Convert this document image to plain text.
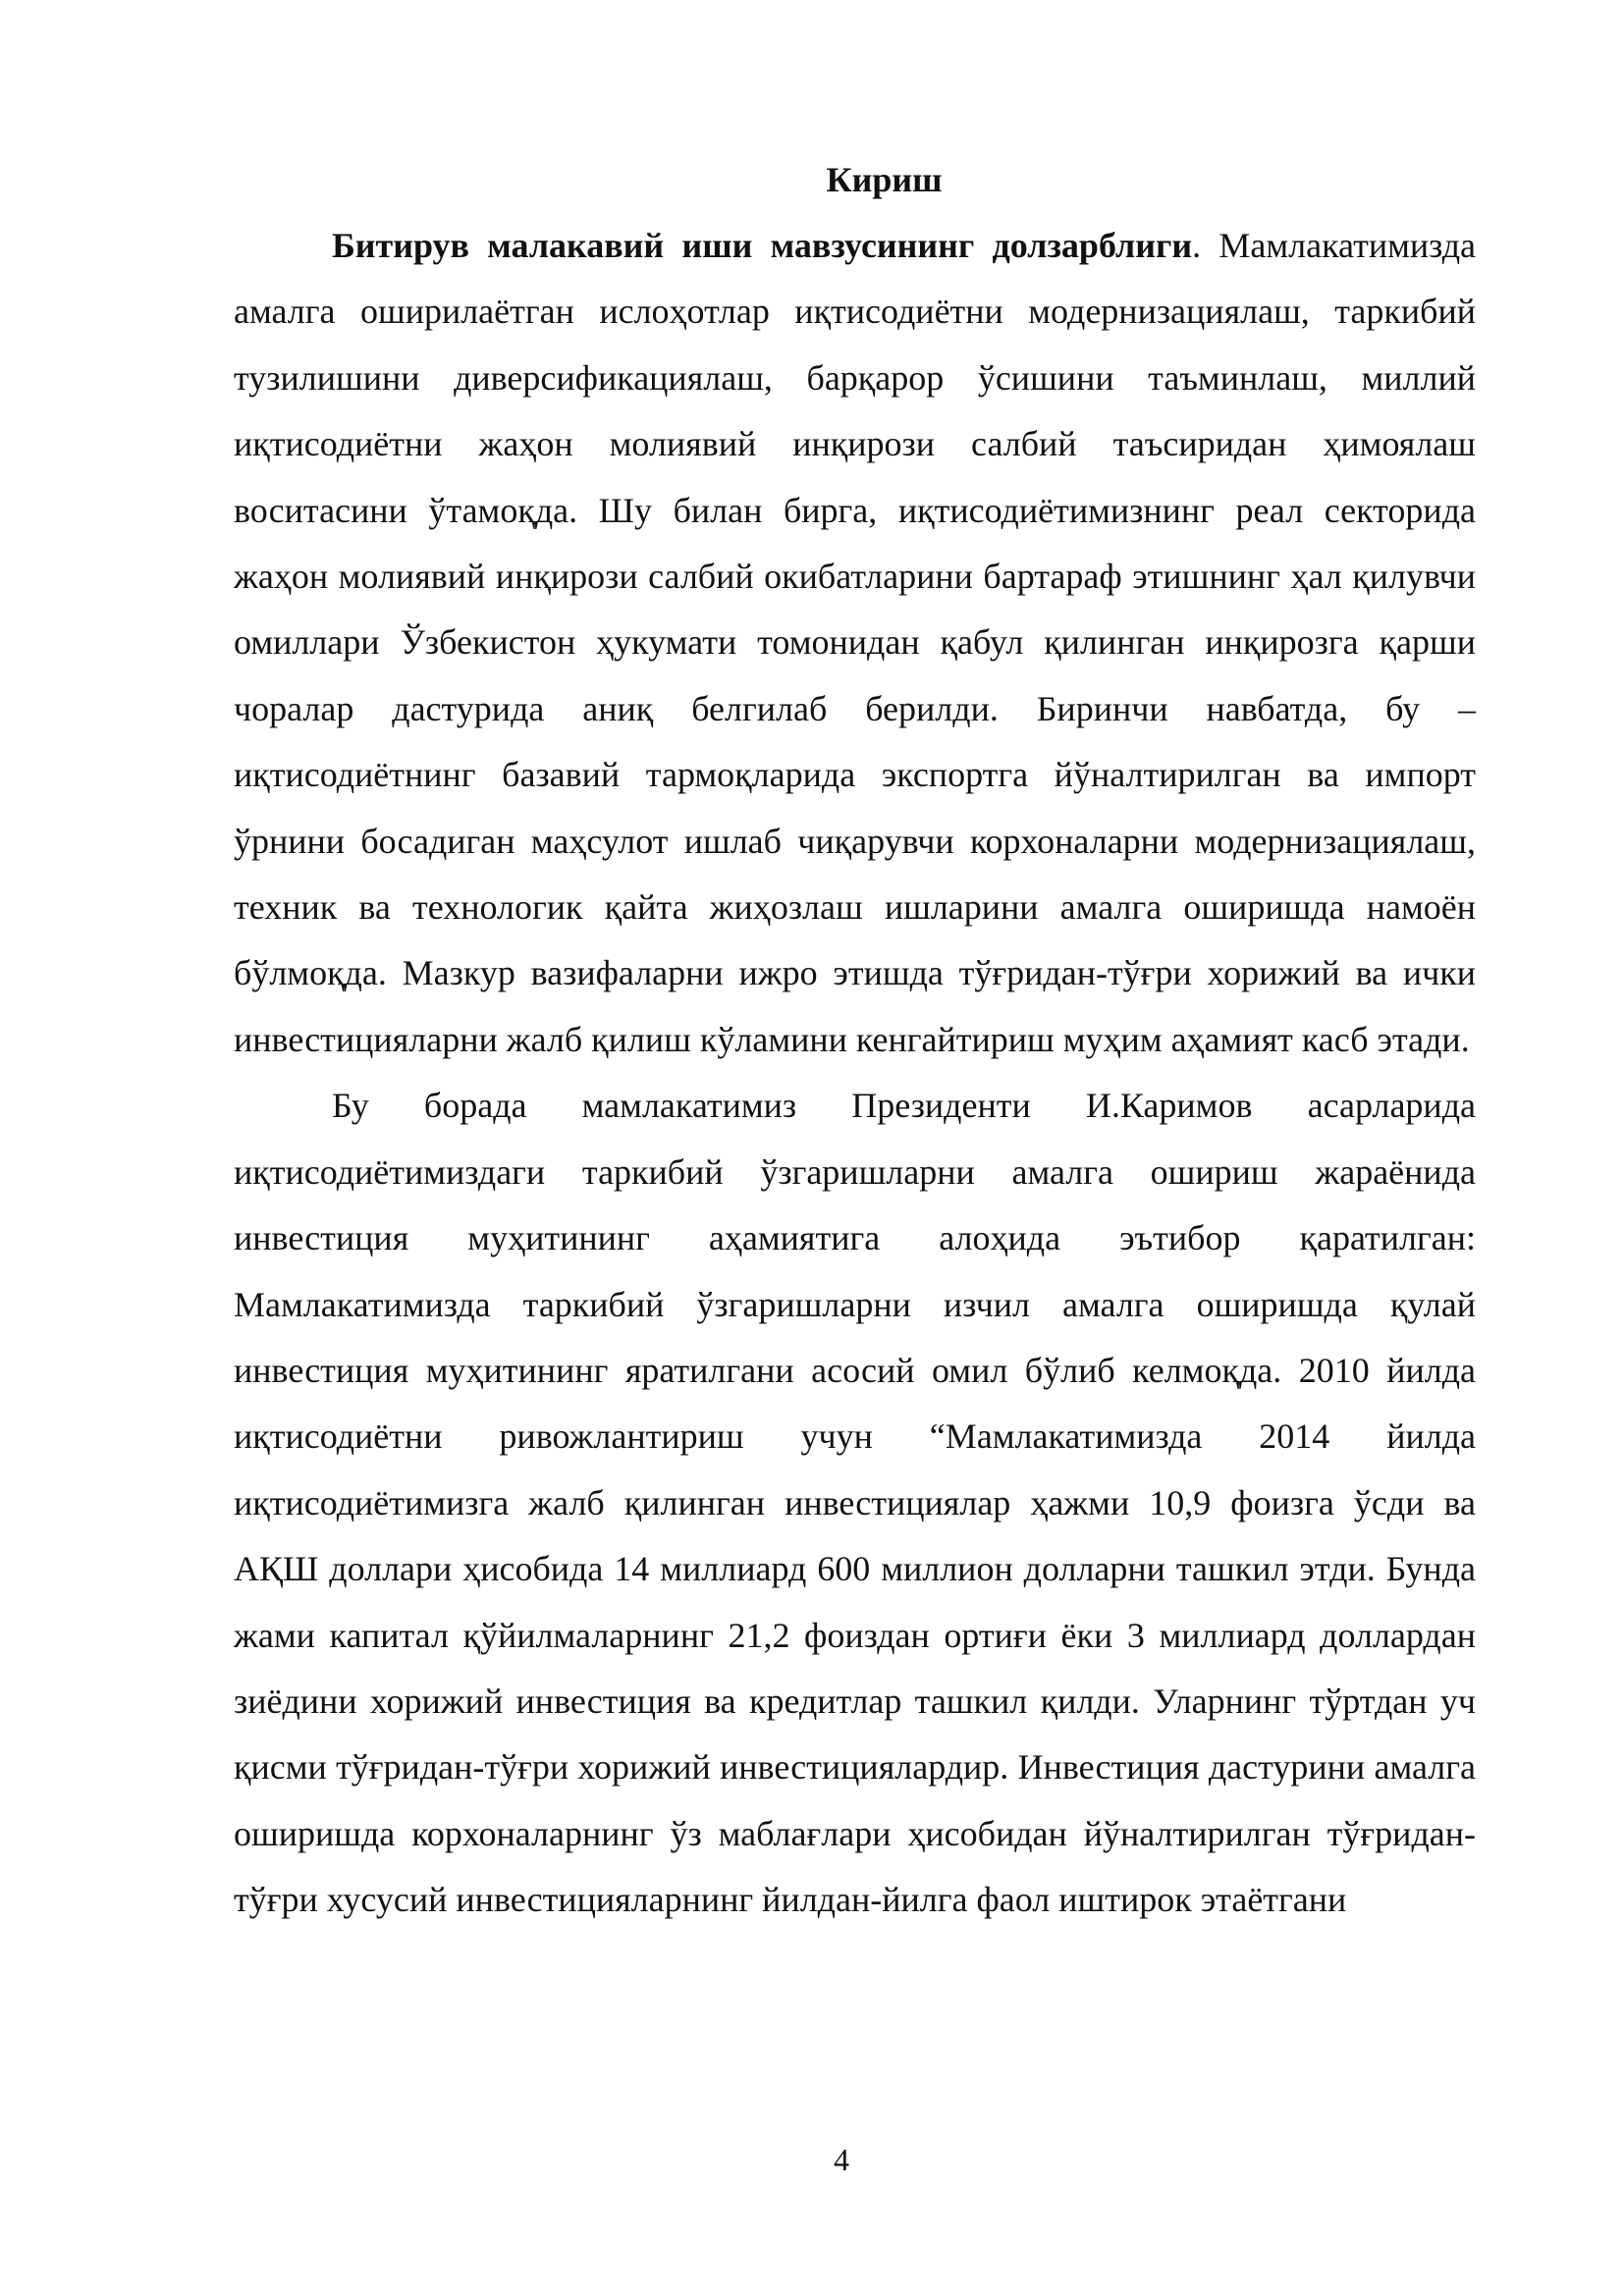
Кириш

Битирув малакавий иши мавзусининг долзарблиги. Мамлакатимизда амалга оширилаётган ислоҳотлар иқтисодиётни модернизациялаш, таркибий тузилишини диверсификациялаш, барқарор ўсишини таъминлаш, миллий иқтисодиётни жаҳон молиявий инқирози салбий таъсиридан ҳимоялаш воситасини ўтамоқда. Шу билан бирга, иқтисодиётимизнинг реал секторида жаҳон молиявий инқирози салбий окибатларини бартараф этишнинг ҳал қилувчи омиллари Ўзбекистон ҳукумати томонидан қабул қилинган инқирозга қарши чоралар дастурида аниқ белгилаб берилди. Биринчи навбатда, бу – иқтисодиётнинг базавий тармоқларида экспортга йўналтирилган ва импорт ўрнини босадиган маҳсулот ишлаб чиқарувчи корхоналарни модернизациялаш, техник ва технологик қайта жиҳозлаш ишларини амалга оширишда намоён бўлмоқда. Мазкур вазифаларни ижро этишда тўғридан-тўғри хорижий ва ички инвестицияларни жалб қилиш кўламини кенгайтириш муҳим аҳамият касб этади.

Бу борада мамлакатимиз Президенти И.Каримов асарларида иқтисодиётимиздаги таркибий ўзгаришларни амалга ошириш жараёнида инвестиция муҳитининг аҳамиятига алоҳида эътибор қаратилган: Мамлакатимизда таркибий ўзгаришларни изчил амалга оширишда қулай инвестиция муҳитининг яратилгани асосий омил бўлиб келмоқда. 2010 йилда иқтисодиётни ривожлантириш учун “Мамлакатимизда 2014 йилда иқтисодиётимизга жалб қилинган инвестициялар ҳажми 10,9 фоизга ўсди ва АҚШ доллари ҳисобида 14 миллиард 600 миллион долларни ташкил этди. Бунда жами капитал қўйилмаларнинг 21,2 фоиздан ортиғи ёки 3 миллиард доллардан зиёдини хорижий инвестиция ва кредитлар ташкил қилди. Уларнинг тўртдан уч қисми тўғридан-тўғри хорижий инвестициялардир. Инвестиция дастурини амалга оширишда корхоналарнинг ўз маблағлари ҳисобидан йўналтирилган тўғридан-тўғри хусусий инвестицияларнинг йилдан-йилга фаол иштирок этаётгани

4
